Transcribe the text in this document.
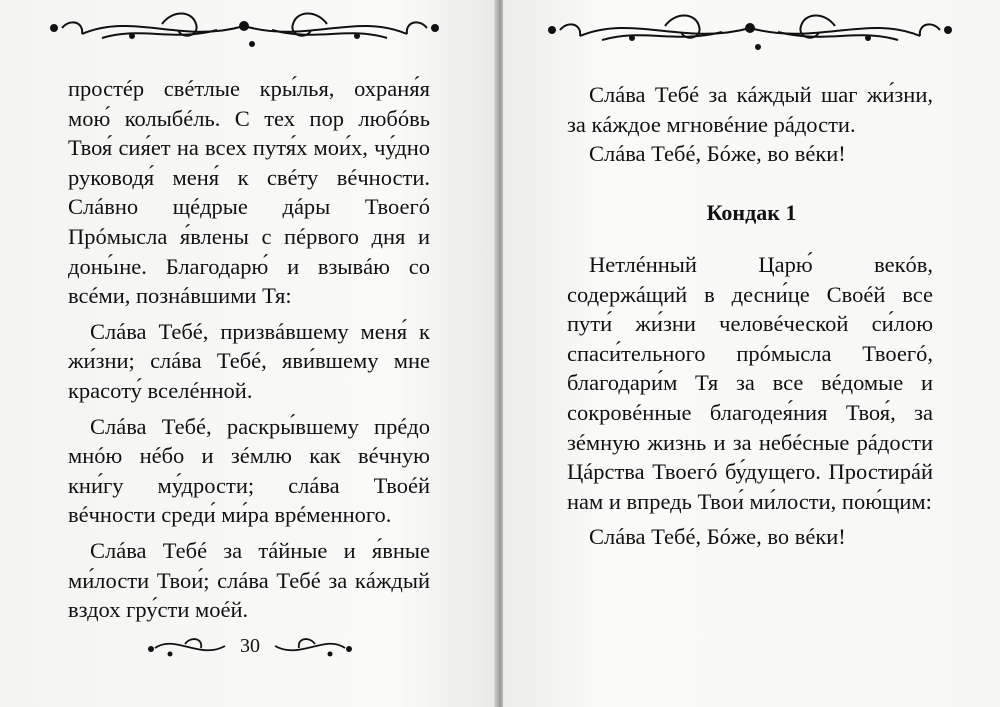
простéр свéтлые кры́лья, охраня́я мою́ колыбéль. С тех пор любóвь Твоя́ сия́ет на всех путя́х мои́х, чу́дно руководя́ меня́ к свéту вéчности. Слáвно щéдрые дáры Твоегó Прóмысла я́влены с пéрвого дня и донь́ıне. Благодарю́ и взывáю со всéми, познáвшими Тя:

Слáва Тебé, призвáвшему меня́ к жи́зни; слáва Тебé, яви́вшему мне красоту́ вселéнной.

Слáва Тебé, раскры́вшему прéдо мнóю нéбо и зéмлю как вéчную кни́гу му́дрости; слáва Твоéй вéчности среди́ ми́ра врéменного.

Слáва Тебé за тáйные и я́вные ми́лости Твои́; слáва Тебé за кáждый вздох гру́сти моéй.

30

Слáва Тебé за кáждый шаг жи́зни, за кáждое мгновéние рáдости.

Слáва Тебé, Бóже, во вéки!

Кондак 1

Нетлéнный Царю́ векóв, содержáщий в десни́це Своéй все пути́ жи́зни человéческой си́лою спаси́тельного прóмысла Твоегó, благодари́м Тя за все вéдомые и сокровéнные благодея́ния Твоя́, за зéмную жизнь и за небéсные рáдости Цáрства Твоегó бу́дущего. Простирáй нам и впредь Твои́ ми́лости, пою́щим:

Слáва Тебé, Бóже, во вéки!
